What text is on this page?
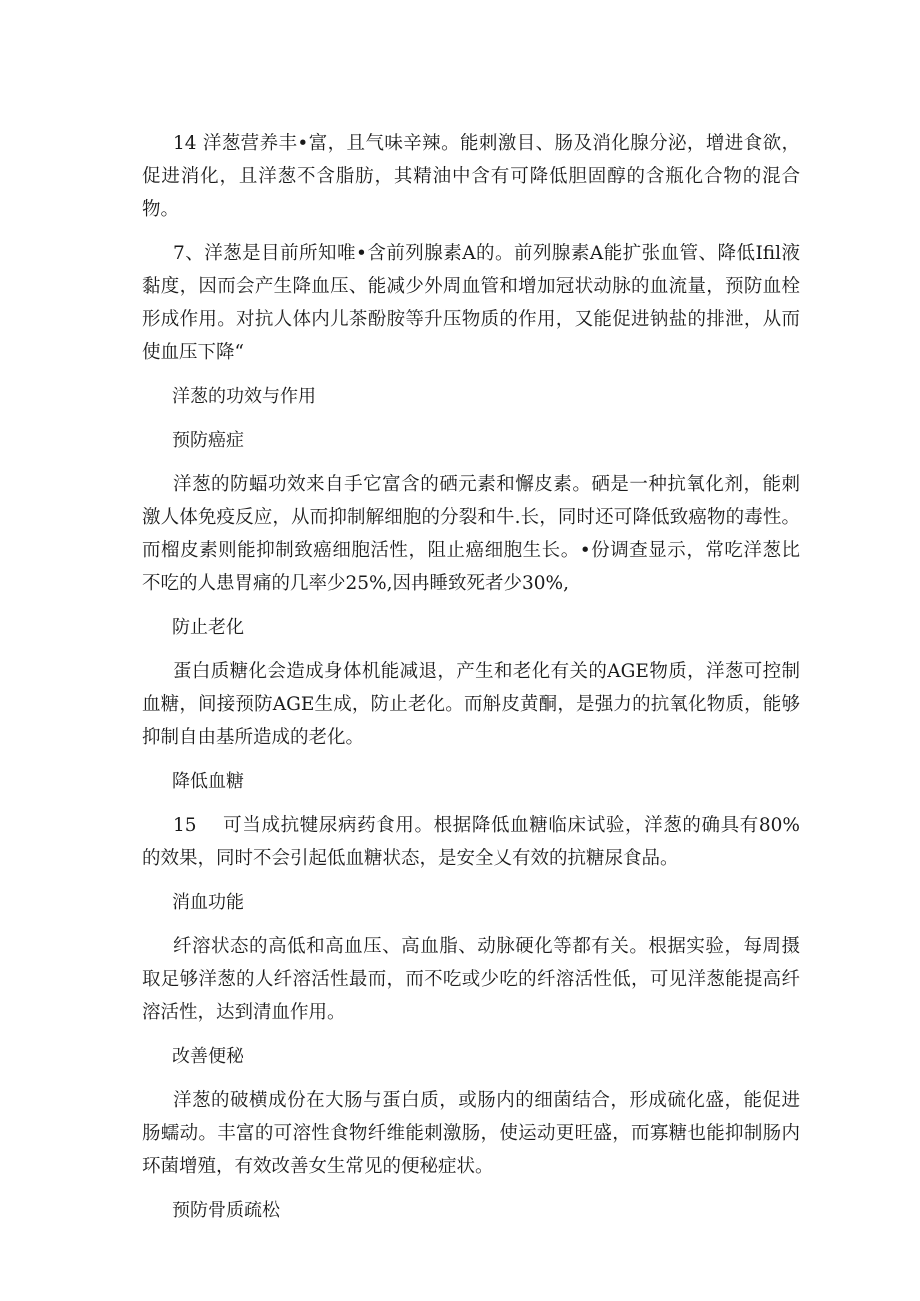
14 洋葱营养丰•富，且气味辛辣。能刺激目、肠及消化腺分泌，增进食欲，促进消化，且洋葱不含脂肪，其精油中含有可降低胆固醇的含瓶化合物的混合物。

7、洋葱是目前所知唯•含前列腺素A的。前列腺素A能扩张血管、降低Ifil液黏度，因而会产生降血压、能减少外周血管和增加冠状动脉的血流量，预防血栓形成作用。对抗人体内儿茶酚胺等升压物质的作用，又能促进钠盐的排泄，从而使血压下降“

洋葱的功效与作用
预防癌症

洋葱的防蝠功效来自手它富含的硒元素和懈皮素。硒是一种抗氧化剂，能刺激人体免疫反应，从而抑制解细胞的分裂和牛.长，同时还可降低致癌物的毒性。而榴皮素则能抑制致癌细胞活性，阻止癌细胞生长。•份调查显示，常吃洋葱比不吃的人患胃痛的几率少25%,因冉睡致死者少30%,

防止老化

蛋白质糖化会造成身体机能减退，产生和老化有关的AGE物质，洋葱可控制血糖，间接预防AGE生成，防止老化。而斛皮黄酮，是强力的抗氧化物质，能够抑制自由基所造成的老化。

降低血糖

15 可当成抗犍尿病药食用。根据降低血糖临床试验，洋葱的确具有80%的效果，同时不会引起低血糖状态，是安全乂有效的抗糖尿食品。

消血功能

纤溶状态的高低和高血压、高血脂、动脉硬化等都有关。根据实验，每周摄取足够洋葱的人纤溶活性最而，而不吃或少吃的纤溶活性低，可见洋葱能提高纤溶活性，达到清血作用。

改善便秘

洋葱的破横成份在大肠与蛋白质，或肠内的细菌结合，形成硫化盛，能促进肠蠕动。丰富的可溶性食物纤维能刺激肠，使运动更旺盛，而寡糖也能抑制肠内环菌增殖，有效改善女生常见的便秘症状。

预防骨质疏松
